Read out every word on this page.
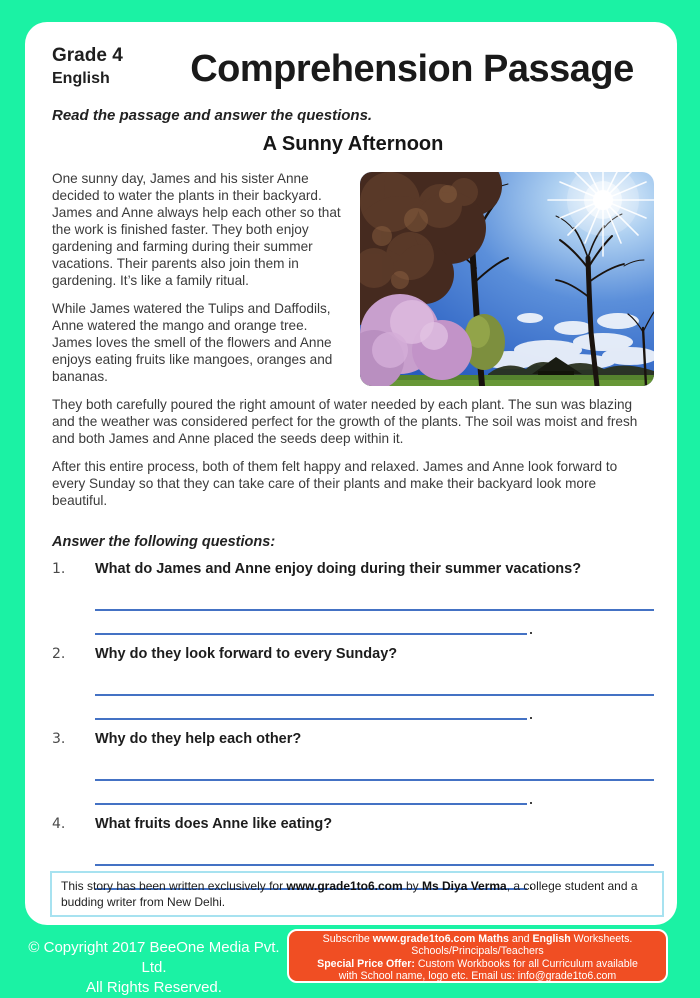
Grade 4
English	Comprehension Passage
Read the passage and answer the questions.
A Sunny Afternoon

One sunny day, James and his sister Anne decided to water the plants in their backyard. James and Anne always help each other so that the work is finished faster. They both enjoy gardening and farming during their summer vacations. Their parents also join them in gardening. It’s like a family ritual.

While James watered the Tulips and Daffodils, Anne watered the mango and orange tree. James loves the smell of the flowers and Anne enjoys eating fruits like mangoes, oranges and bananas.

They both carefully poured the right amount of water needed by each plant. The sun was blazing and the weather was considered perfect for the growth of the plants. The soil was moist and fresh and both James and Anne placed the seeds deep within it.

After this entire process, both of them felt happy and relaxed. James and Anne look forward to every Sunday so that they can take care of their plants and make their backyard look more beautiful.

Answer the following questions:
1.	What do James and Anne enjoy doing during their summer vacations?
2.	Why do they look forward to every Sunday?
3.	Why do they help each other?
4.	What fruits does Anne like eating?
This story has been written exclusively for www.grade1to6.com by Ms Diya Verma, a college student and a budding writer from New Delhi.
© Copyright 2017 BeeOne Media Pvt. Ltd.
All Rights Reserved.
Subscribe www.grade1to6.com Maths and English Worksheets.
Schools/Principals/Teachers
Special Price Offer: Custom Workbooks for all Curriculum available
with School name, logo etc. Email us: info@grade1to6.com
